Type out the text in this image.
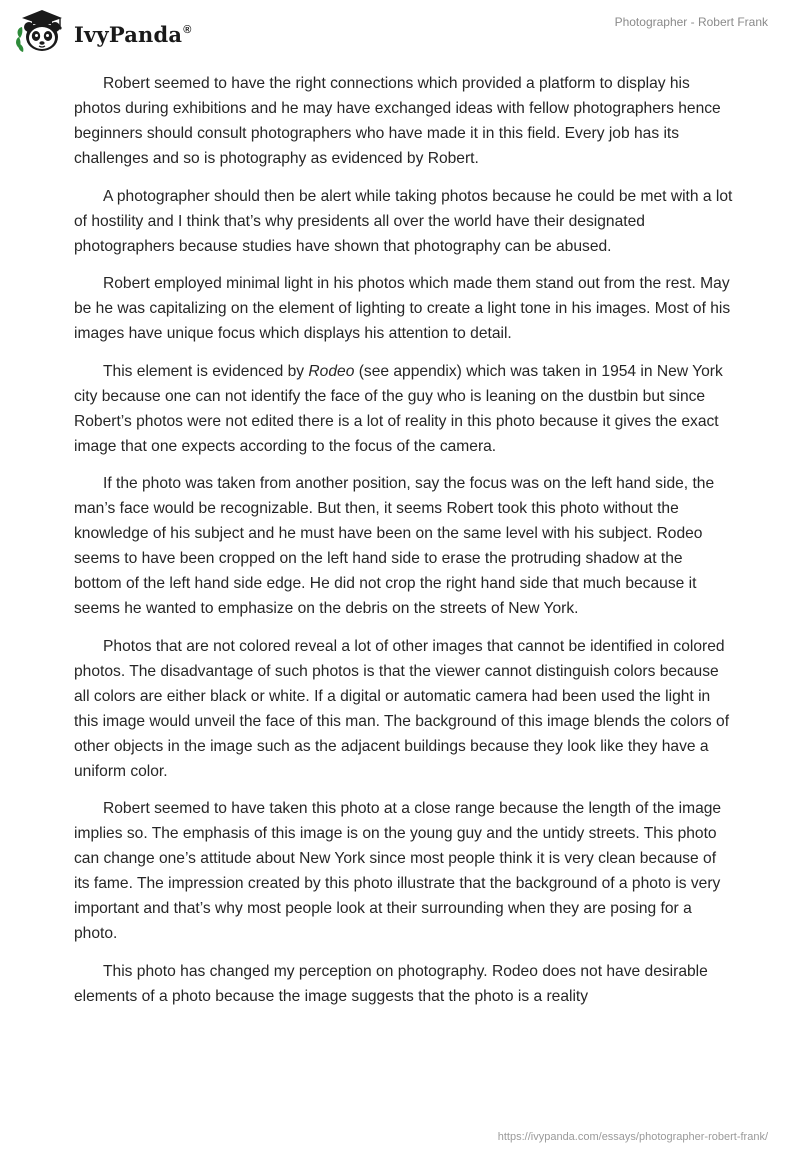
IvyPanda®
Photographer - Robert Frank

Robert seemed to have the right connections which provided a platform to display his photos during exhibitions and he may have exchanged ideas with fellow photographers hence beginners should consult photographers who have made it in this field. Every job has its challenges and so is photography as evidenced by Robert.

A photographer should then be alert while taking photos because he could be met with a lot of hostility and I think that’s why presidents all over the world have their designated photographers because studies have shown that photography can be abused.

Robert employed minimal light in his photos which made them stand out from the rest. May be he was capitalizing on the element of lighting to create a light tone in his images. Most of his images have unique focus which displays his attention to detail.

This element is evidenced by Rodeo (see appendix) which was taken in 1954 in New York city because one can not identify the face of the guy who is leaning on the dustbin but since Robert’s photos were not edited there is a lot of reality in this photo because it gives the exact image that one expects according to the focus of the camera.

If the photo was taken from another position, say the focus was on the left hand side, the man’s face would be recognizable. But then, it seems Robert took this photo without the knowledge of his subject and he must have been on the same level with his subject. Rodeo seems to have been cropped on the left hand side to erase the protruding shadow at the bottom of the left hand side edge. He did not crop the right hand side that much because it seems he wanted to emphasize on the debris on the streets of New York.

Photos that are not colored reveal a lot of other images that cannot be identified in colored photos. The disadvantage of such photos is that the viewer cannot distinguish colors because all colors are either black or white. If a digital or automatic camera had been used the light in this image would unveil the face of this man. The background of this image blends the colors of other objects in the image such as the adjacent buildings because they look like they have a uniform color.

Robert seemed to have taken this photo at a close range because the length of the image implies so. The emphasis of this image is on the young guy and the untidy streets. This photo can change one’s attitude about New York since most people think it is very clean because of its fame. The impression created by this photo illustrate that the background of a photo is very important and that’s why most people look at their surrounding when they are posing for a photo.

This photo has changed my perception on photography. Rodeo does not have desirable elements of a photo because the image suggests that the photo is a reality

https://ivypanda.com/essays/photographer-robert-frank/
